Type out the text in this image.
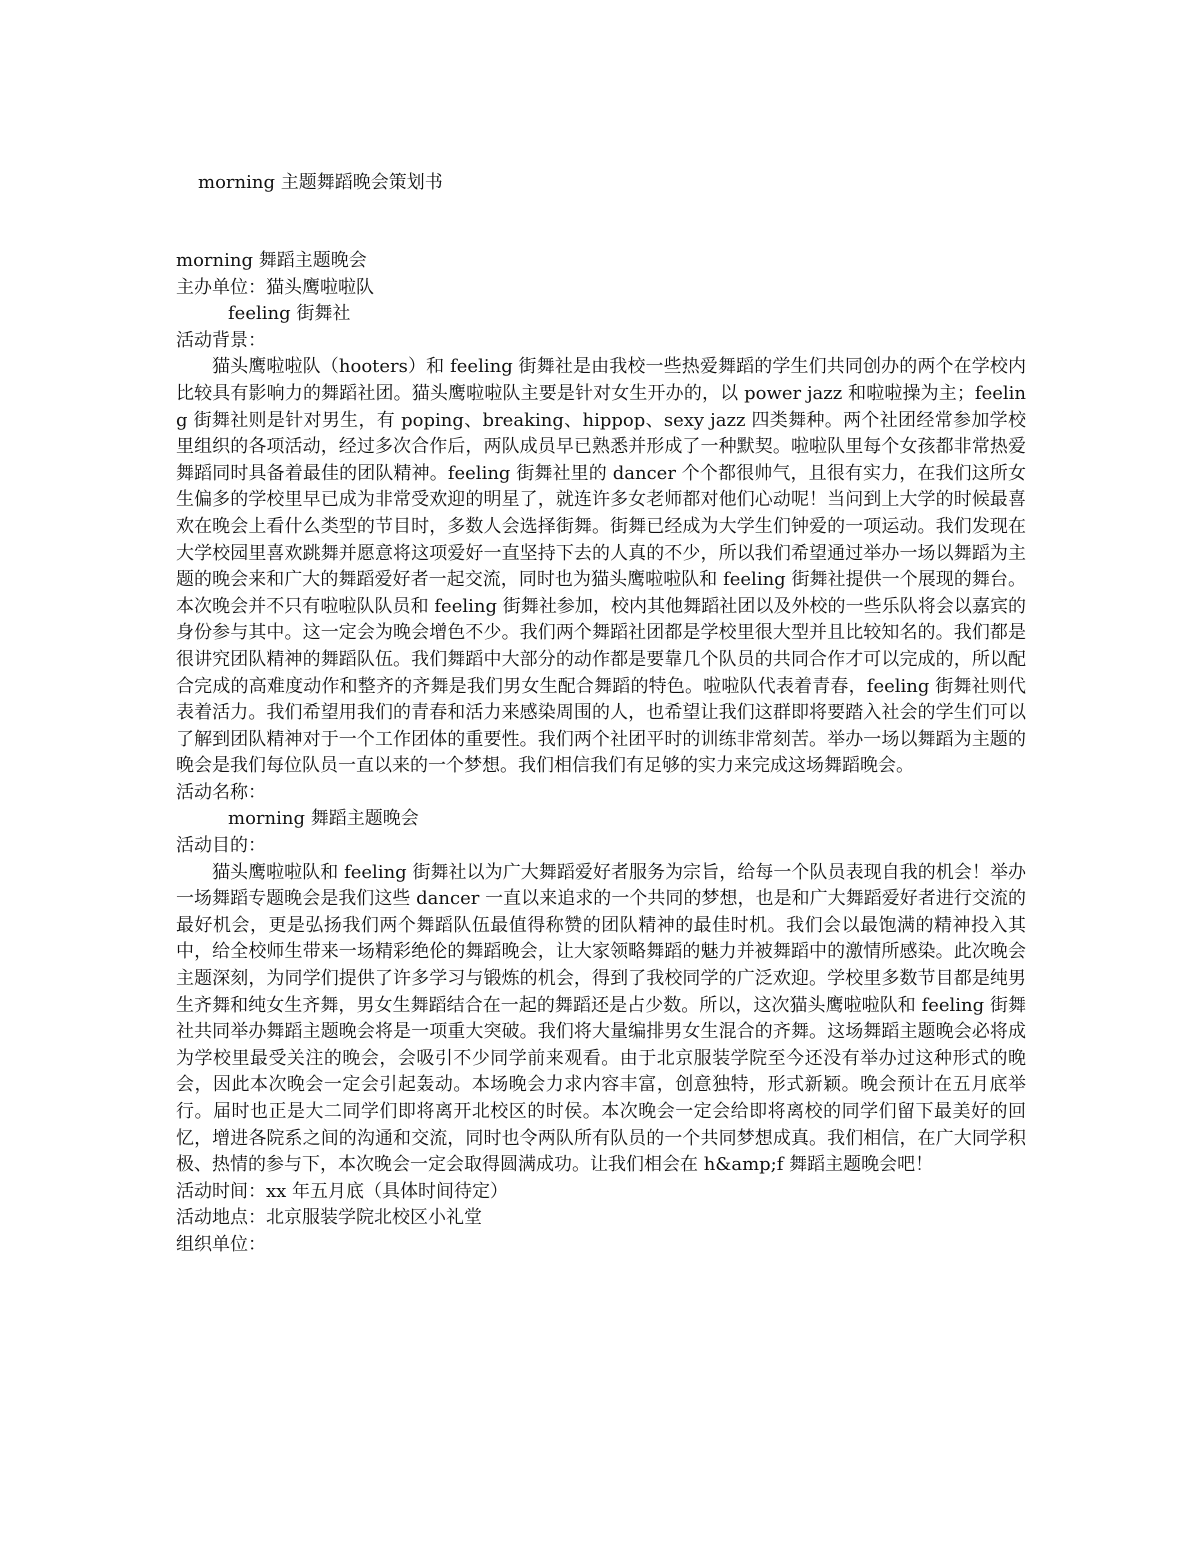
morning 主题舞蹈晚会策划书
morning 舞蹈主题晚会
主办单位：猫头鹰啦啦队
feeling 街舞社
活动背景：

猫头鹰啦啦队（hooters）和 feeling 街舞社是由我校一些热爱舞蹈的学生们共同创办的两个在学校内比较具有影响力的舞蹈社团。猫头鹰啦啦队主要是针对女生开办的，以 power jazz 和啦啦操为主；feeling 街舞社则是针对男生，有 poping、breaking、hippop、sexy jazz 四类舞种。两个社团经常参加学校里组织的各项活动，经过多次合作后，两队成员早已熟悉并形成了一种默契。啦啦队里每个女孩都非常热爱舞蹈同时具备着最佳的团队精神。feeling 街舞社里的 dancer 个个都很帅气，且很有实力，在我们这所女生偏多的学校里早已成为非常受欢迎的明星了，就连许多女老师都对他们心动呢！当问到上大学的时候最喜欢在晚会上看什么类型的节目时，多数人会选择街舞。街舞已经成为大学生们钟爱的一项运动。我们发现在大学校园里喜欢跳舞并愿意将这项爱好一直坚持下去的人真的不少，所以我们希望通过举办一场以舞蹈为主题的晚会来和广大的舞蹈爱好者一起交流，同时也为猫头鹰啦啦队和 feeling 街舞社提供一个展现的舞台。本次晚会并不只有啦啦队队员和 feeling 街舞社参加，校内其他舞蹈社团以及外校的一些乐队将会以嘉宾的身份参与其中。这一定会为晚会增色不少。我们两个舞蹈社团都是学校里很大型并且比较知名的。我们都是很讲究团队精神的舞蹈队伍。我们舞蹈中大部分的动作都是要靠几个队员的共同合作才可以完成的，所以配合完成的高难度动作和整齐的齐舞是我们男女生配合舞蹈的特色。啦啦队代表着青春，feeling 街舞社则代表着活力。我们希望用我们的青春和活力来感染周围的人，也希望让我们这群即将要踏入社会的学生们可以了解到团队精神对于一个工作团体的重要性。我们两个社团平时的训练非常刻苦。举办一场以舞蹈为主题的晚会是我们每位队员一直以来的一个梦想。我们相信我们有足够的实力来完成这场舞蹈晚会。

活动名称：
morning 舞蹈主题晚会
活动目的：

猫头鹰啦啦队和 feeling 街舞社以为广大舞蹈爱好者服务为宗旨，给每一个队员表现自我的机会！举办一场舞蹈专题晚会是我们这些 dancer 一直以来追求的一个共同的梦想，也是和广大舞蹈爱好者进行交流的最好机会，更是弘扬我们两个舞蹈队伍最值得称赞的团队精神的最佳时机。我们会以最饱满的精神投入其中，给全校师生带来一场精彩绝伦的舞蹈晚会，让大家领略舞蹈的魅力并被舞蹈中的激情所感染。此次晚会主题深刻，为同学们提供了许多学习与锻炼的机会，得到了我校同学的广泛欢迎。学校里多数节目都是纯男生齐舞和纯女生齐舞，男女生舞蹈结合在一起的舞蹈还是占少数。所以，这次猫头鹰啦啦队和 feeling 街舞社共同举办舞蹈主题晚会将是一项重大突破。我们将大量编排男女生混合的齐舞。这场舞蹈主题晚会必将成为学校里最受关注的晚会，会吸引不少同学前来观看。由于北京服装学院至今还没有举办过这种形式的晚会，因此本次晚会一定会引起轰动。本场晚会力求内容丰富，创意独特，形式新颖。晚会预计在五月底举行。届时也正是大二同学们即将离开北校区的时侯。本次晚会一定会给即将离校的同学们留下最美好的回忆，增进各院系之间的沟通和交流，同时也令两队所有队员的一个共同梦想成真。我们相信，在广大同学积极、热情的参与下，本次晚会一定会取得圆满成功。让我们相会在 h&amp;f 舞蹈主题晚会吧！

活动时间：xx 年五月底（具体时间待定）
活动地点：北京服装学院北校区小礼堂
组织单位：
